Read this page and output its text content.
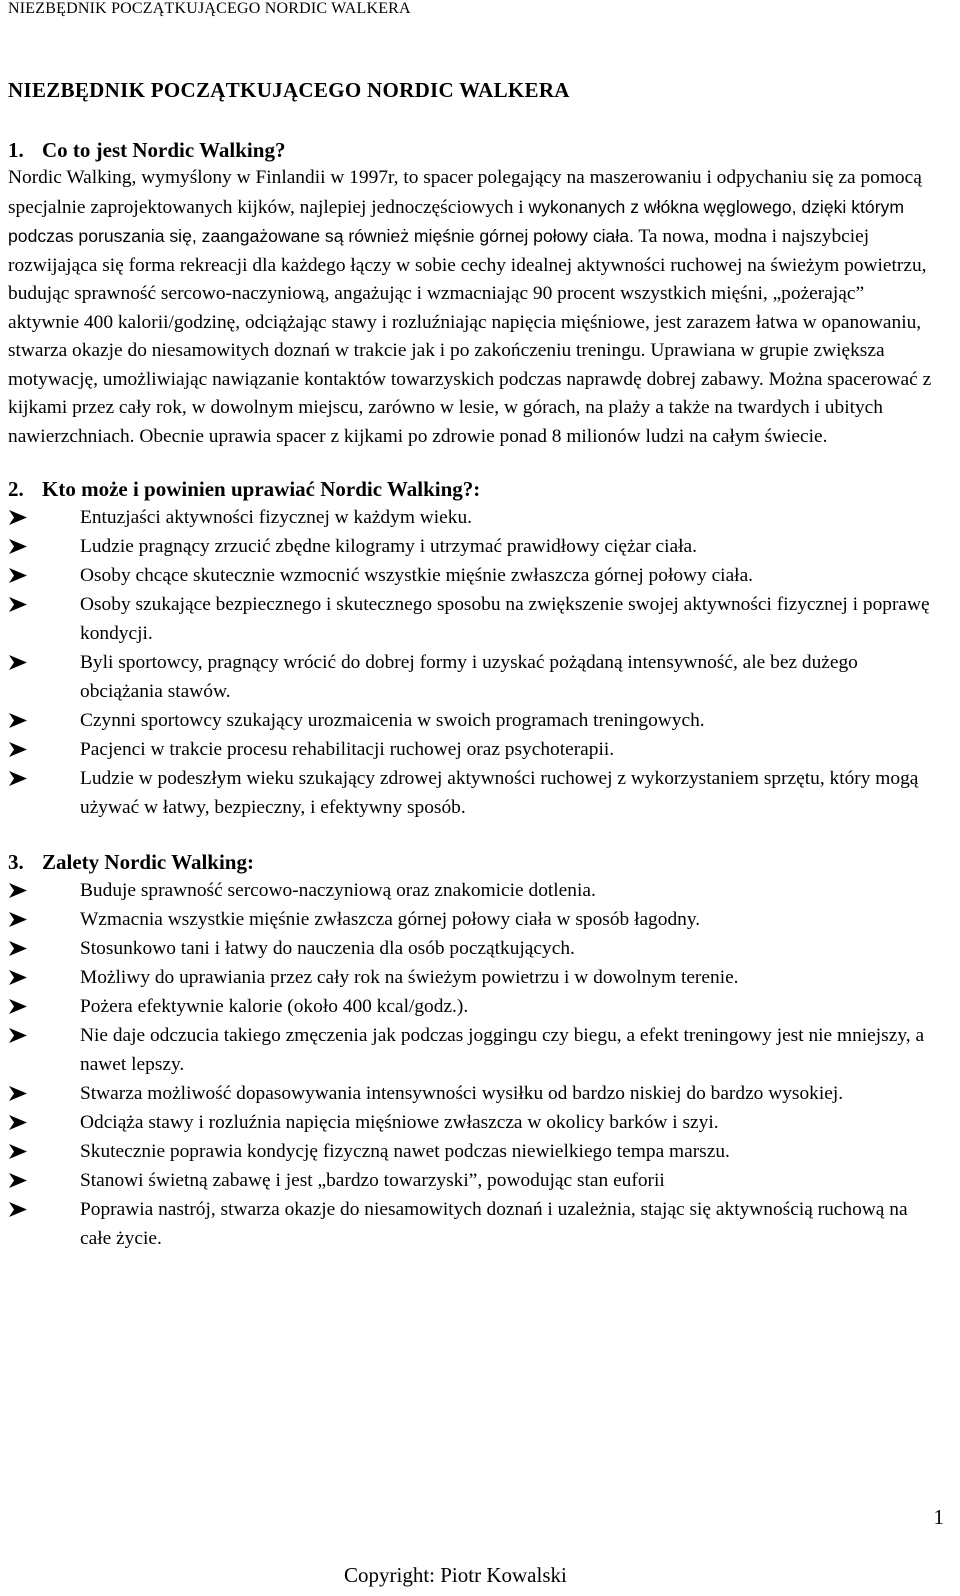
NIEZBĘDNIK POCZĄTKUJĄCEGO NORDIC WALKERA
NIEZBĘDNIK POCZĄTKUJĄCEGO NORDIC WALKERA
1. Co to jest Nordic Walking?

Nordic Walking, wymyślony w Finlandii w 1997r, to spacer polegający na maszerowaniu i odpychaniu się za pomocą specjalnie zaprojektowanych kijków, najlepiej jednoczęściowych i wykonanych z włókna węglowego, dzięki którym podczas poruszania się, zaangażowane są również mięśnie górnej połowy ciała. Ta nowa, modna i najszybciej rozwijająca się forma rekreacji dla każdego łączy w sobie cechy idealnej aktywności ruchowej na świeżym powietrzu, budując sprawność sercowo-naczyniową, angażując i wzmacniając 90 procent wszystkich mięśni, „pożerając” aktywnie 400 kalorii/godzinę, odciążając stawy i rozluźniając napięcia mięśniowe, jest zarazem łatwa w opanowaniu, stwarza okazje do niesamowitych doznań w trakcie jak i po zakończeniu treningu. Uprawiana w grupie zwiększa motywację, umożliwiając nawiązanie kontaktów towarzyskich podczas naprawdę dobrej zabawy. Można spacerować z kijkami przez cały rok, w dowolnym miejscu, zarówno w lesie, w górach, na plaży a także na twardych i ubitych nawierzchniach. Obecnie uprawia spacer z kijkami po zdrowie ponad 8 milionów ludzi na całym świecie.

2. Kto może i powinien uprawiać Nordic Walking?:
Entuzjaści aktywności fizycznej w każdym wieku.
Ludzie pragnący zrzucić zbędne kilogramy i utrzymać prawidłowy ciężar ciała.
Osoby chcące skutecznie wzmocnić wszystkie mięśnie zwłaszcza górnej połowy ciała.
Osoby szukające bezpiecznego i skutecznego sposobu na zwiększenie swojej aktywności fizycznej i poprawę kondycji.
Byli sportowcy, pragnący wrócić do dobrej formy i uzyskać pożądaną intensywność, ale bez dużego obciążania stawów.
Czynni sportowcy szukający urozmaicenia w swoich programach treningowych.
Pacjenci w trakcie procesu rehabilitacji ruchowej oraz psychoterapii.
Ludzie w podeszłym wieku szukający zdrowej aktywności ruchowej z wykorzystaniem sprzętu, który mogą używać w łatwy, bezpieczny, i efektywny sposób.
3. Zalety Nordic Walking:
Buduje sprawność sercowo-naczyniową oraz znakomicie dotlenia.
Wzmacnia wszystkie mięśnie zwłaszcza górnej połowy ciała w sposób łagodny.
Stosunkowo tani i łatwy do nauczenia dla osób początkujących.
Możliwy do uprawiania przez cały rok na świeżym powietrzu i w dowolnym terenie.
Pożera efektywnie kalorie (około 400 kcal/godz.).
Nie daje odczucia takiego zmęczenia jak podczas joggingu czy biegu, a efekt treningowy jest nie mniejszy, a nawet lepszy.
Stwarza możliwość dopasowywania intensywności wysiłku od bardzo niskiej do bardzo wysokiej.
Odciąża stawy i rozluźnia napięcia mięśniowe zwłaszcza w okolicy barków i szyi.
Skutecznie poprawia kondycję fizyczną nawet podczas niewielkiego tempa marszu.
Stanowi świetną zabawę i jest „bardzo towarzyski”, powodując stan euforii
Poprawia nastrój, stwarza okazje do niesamowitych doznań i uzależnia, stając się aktywnością ruchową na całe życie.
1
Copyright: Piotr Kowalski
